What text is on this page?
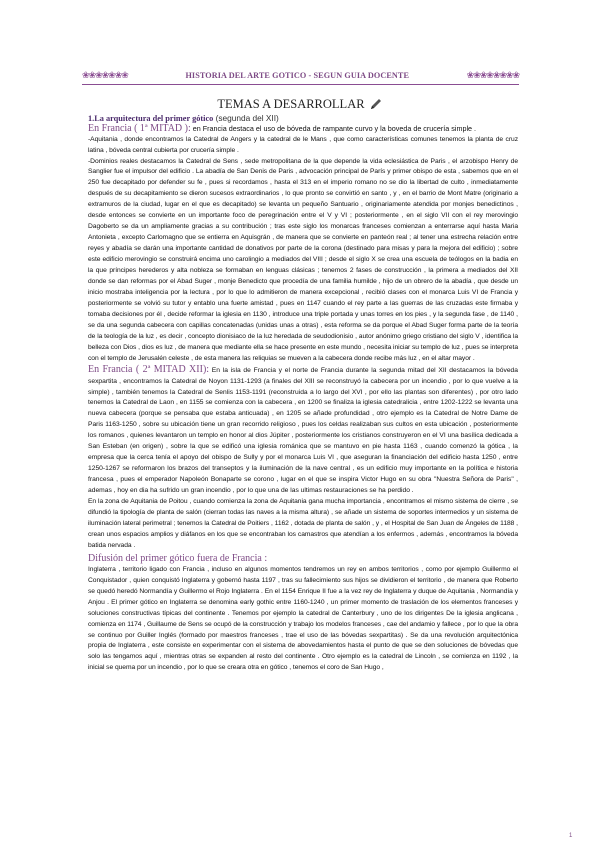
❀❀❀❀❀❀❀	HISTORIA DEL ARTE GOTICO - SEGUN GUIA DOCENTE	❀❀❀❀❀❀❀❀
TEMAS A DESARROLLAR
1.La arquitectura del primer gótico (segunda del XII)
En Francia ( 1ª MITAD ): en Francia destaca el uso de bóveda de rampante curvo y la boveda de crucería simple .

-Aquitania , donde encontramos la Catedral de Angers y la catedral de le Mans , que como características comunes tenemos la planta de cruz latina , bóveda central cubierta por crucería simple .

-Dominios reales destacamos la Catedral de Sens , sede metropolitana de la que depende la vida eclesiástica de Paris , el arzobispo Henry de Sanglier fue el impulsor del edificio . La abadía de San Denis de Paris , advocación principal de París y primer obispo de esta , sabemos que en el 250 fue decapitado por defender su fe , pues si recordamos , hasta el 313 en el imperio romano no se dio la libertad de culto , inmediatamente después de su decapitamiento se dieron sucesos extraordinarios , lo que pronto se convirtió en santo , y , en el barrio de Mont Matre (originario a extramuros de la ciudad, lugar en el que es decapitado) se levanta un pequeño Santuario , originariamente atendida por monjes benedictinos , desde entonces se convierte en un importante foco de peregrinación entre el V y VI ; posteriormente , en el siglo VII con el rey merovingio Dagoberto se da un ampliamente gracias a su contribución ; tras este siglo los monarcas franceses comienzan a enterrarse aquí hasta Maria Antonieta , excepto Carlomagno que se entierra en Aquisgrán , de manera que se convierte en panteón real ; al tener una estrecha relación entre reyes y abadía se darán una importante cantidad de donativos por parte de la corona (destinado para misas y para la mejora del edificio) ; sobre este edificio merovingio se construirá encima uno carolingio a mediados del VIII ; desde el siglo X se crea una escuela de teólogos en la badia en la que príncipes herederos y alta nobleza se formaban en lenguas clásicas ; tenemos 2 fases de construcción , la primera a mediados del XII donde se dan reformas por el Abad Suger , monje Benedicto que procedía de una familia humilde , hijo de un obrero de la abadía , que desde un inicio mostraba inteligencia por la lectura , por lo que lo admitieron de manera excepcional , recibió clases con el monarca Luis VI de Francia y posteriormente se volvió su tutor y entablo una fuerte amistad , pues en 1147 cuando el rey parte a las guerras de las cruzadas este firmaba y tomaba decisiones por él , decide reformar la iglesia en 1130 , introduce una triple portada y unas torres en los pies , y la segunda fase , de 1140 , se da una segunda cabecera con capillas concatenadas (unidas unas a otras) , esta reforma se da porque el Abad Suger forma parte de la teoría de la teología de la luz , es decir , concepto dionisiaco de la luz heredada de seudodionisio , autor anónimo griego cristiano del siglo V , identifica la belleza con Dios , dios es luz , de manera que mediante ella se hace presente en este mundo , necesita iniciar su templo de luz , pues se interpreta con el templo de Jerusalén celeste , de esta manera las reliquias se mueven a la cabecera donde recibe más luz , en el altar mayor .

En Francia ( 2ª MITAD XII): En la isla de Francia y el norte de Francia durante la segunda mitad del XII destacamos la bóveda sexpartita , encontramos la Catedral de Noyon 1131-1293 (a finales del XIII se reconstruyó la cabecera por un incendio , por lo que vuelve a la simple) , también tenemos la Catedral de Senlis 1153-1191 (reconstruida a lo largo del XVI , por ello las plantas son diferentes) , por otro lado tenemos la Catedral de Laon , en 1155 se comienza con la cabecera , en 1200 se finaliza la iglesia catedralicia , entre 1202-1222 se levanta una nueva cabecera (porque se pensaba que estaba anticuada) , en 1205 se añade profundidad , otro ejemplo es la Catedral de Notre Dame de Paris 1163-1250 , sobre su ubicación tiene un gran recorrido religioso , pues los celdas realizaban sus cultos en esta ubicación , posteriormente los romanos , quienes levantaron un templo en honor al dios Júpiter , posteriormente los cristianos construyeron en el VI una basílica dedicada a San Esteban (en origen) , sobre la que se edificó una iglesia románica que se mantuvo en pie hasta 1163 , cuando comenzó la gótica , la empresa que la cerca tenía el apoyo del obispo de Sully y por el monarca Luis VI , que aseguran la financiación del edificio hasta 1250 , entre 1250-1267 se reformaron los brazos del transeptos y la iluminación de la nave central , es un edificio muy importante en la política e historia francesa , pues el emperador Napoleón Bonaparte se corono , lugar en el que se inspira Victor Hugo en su obra "Nuestra Señora de Paris" , ademas , hoy en dia ha sufrido un gran incendio , por lo que una de las ultimas restauraciones se ha perdido .

En la zona de Aquitania de Poitou , cuando comienza la zona de Aquitania gana mucha importancia , encontramos el mismo sistema de cierre , se difundió la tipología de planta de salón (cierran todas las naves a la misma altura) , se añade un sistema de soportes intermedios y un sistema de iluminación lateral perimetral ; tenemos la Catedral de Poitiers , 1162 , dotada de planta de salón , y , el Hospital de San Juan de Ángeles de 1188 , crean unos espacios amplios y diáfanos en los que se encontraban los camastros que atendían a los enfermos , además , encontramos la bóveda batida nervada .

Difusión del primer gótico fuera de Francia :

Inglaterra , territorio ligado con Francia , incluso en algunos momentos tendremos un rey en ambos territorios , como por ejemplo Guillermo el Conquistador , quien conquistó Inglaterra y gobernó hasta 1197 , tras su fallecimiento sus hijos se dividieron el territorio , de manera que Roberto se quedó heredó Normandía y Guillermo el Rojo Inglaterra . En el 1154 Enrique II fue a la vez rey de Inglaterra y duque de Aquitania , Normandía y Anjou . El primer gótico en Inglaterra se denomina early gothic entre 1160-1240 , un primer momento de traslación de los elementos franceses y soluciones constructivas típicas del continente . Tenemos por ejemplo la catedral de Canterbury , uno de los dirigentes De la iglesia anglicana , comienza en 1174 , Guillaume de Sens se ocupó de la construcción y trabajo los modelos franceses , cae del andamio y fallece , por lo que la obra se continuo por Guiller Inglés (formado por maestros franceses , trae el uso de las bóvedas sexpartitas) . Se da una revolución arquitectónica propia de Inglaterra , este consiste en experimentar con el sistema de abovedamientos hasta el punto de que se den soluciones de bóvedas que solo las tengamos aquí , mientras otras se expanden al resto del continente . Otro ejemplo es la catedral de Lincoln , se comienza en 1192 , la inicial se quema por un incendio , por lo que se creara otra en gótico , tenemos el coro de San Hugo ,

1
